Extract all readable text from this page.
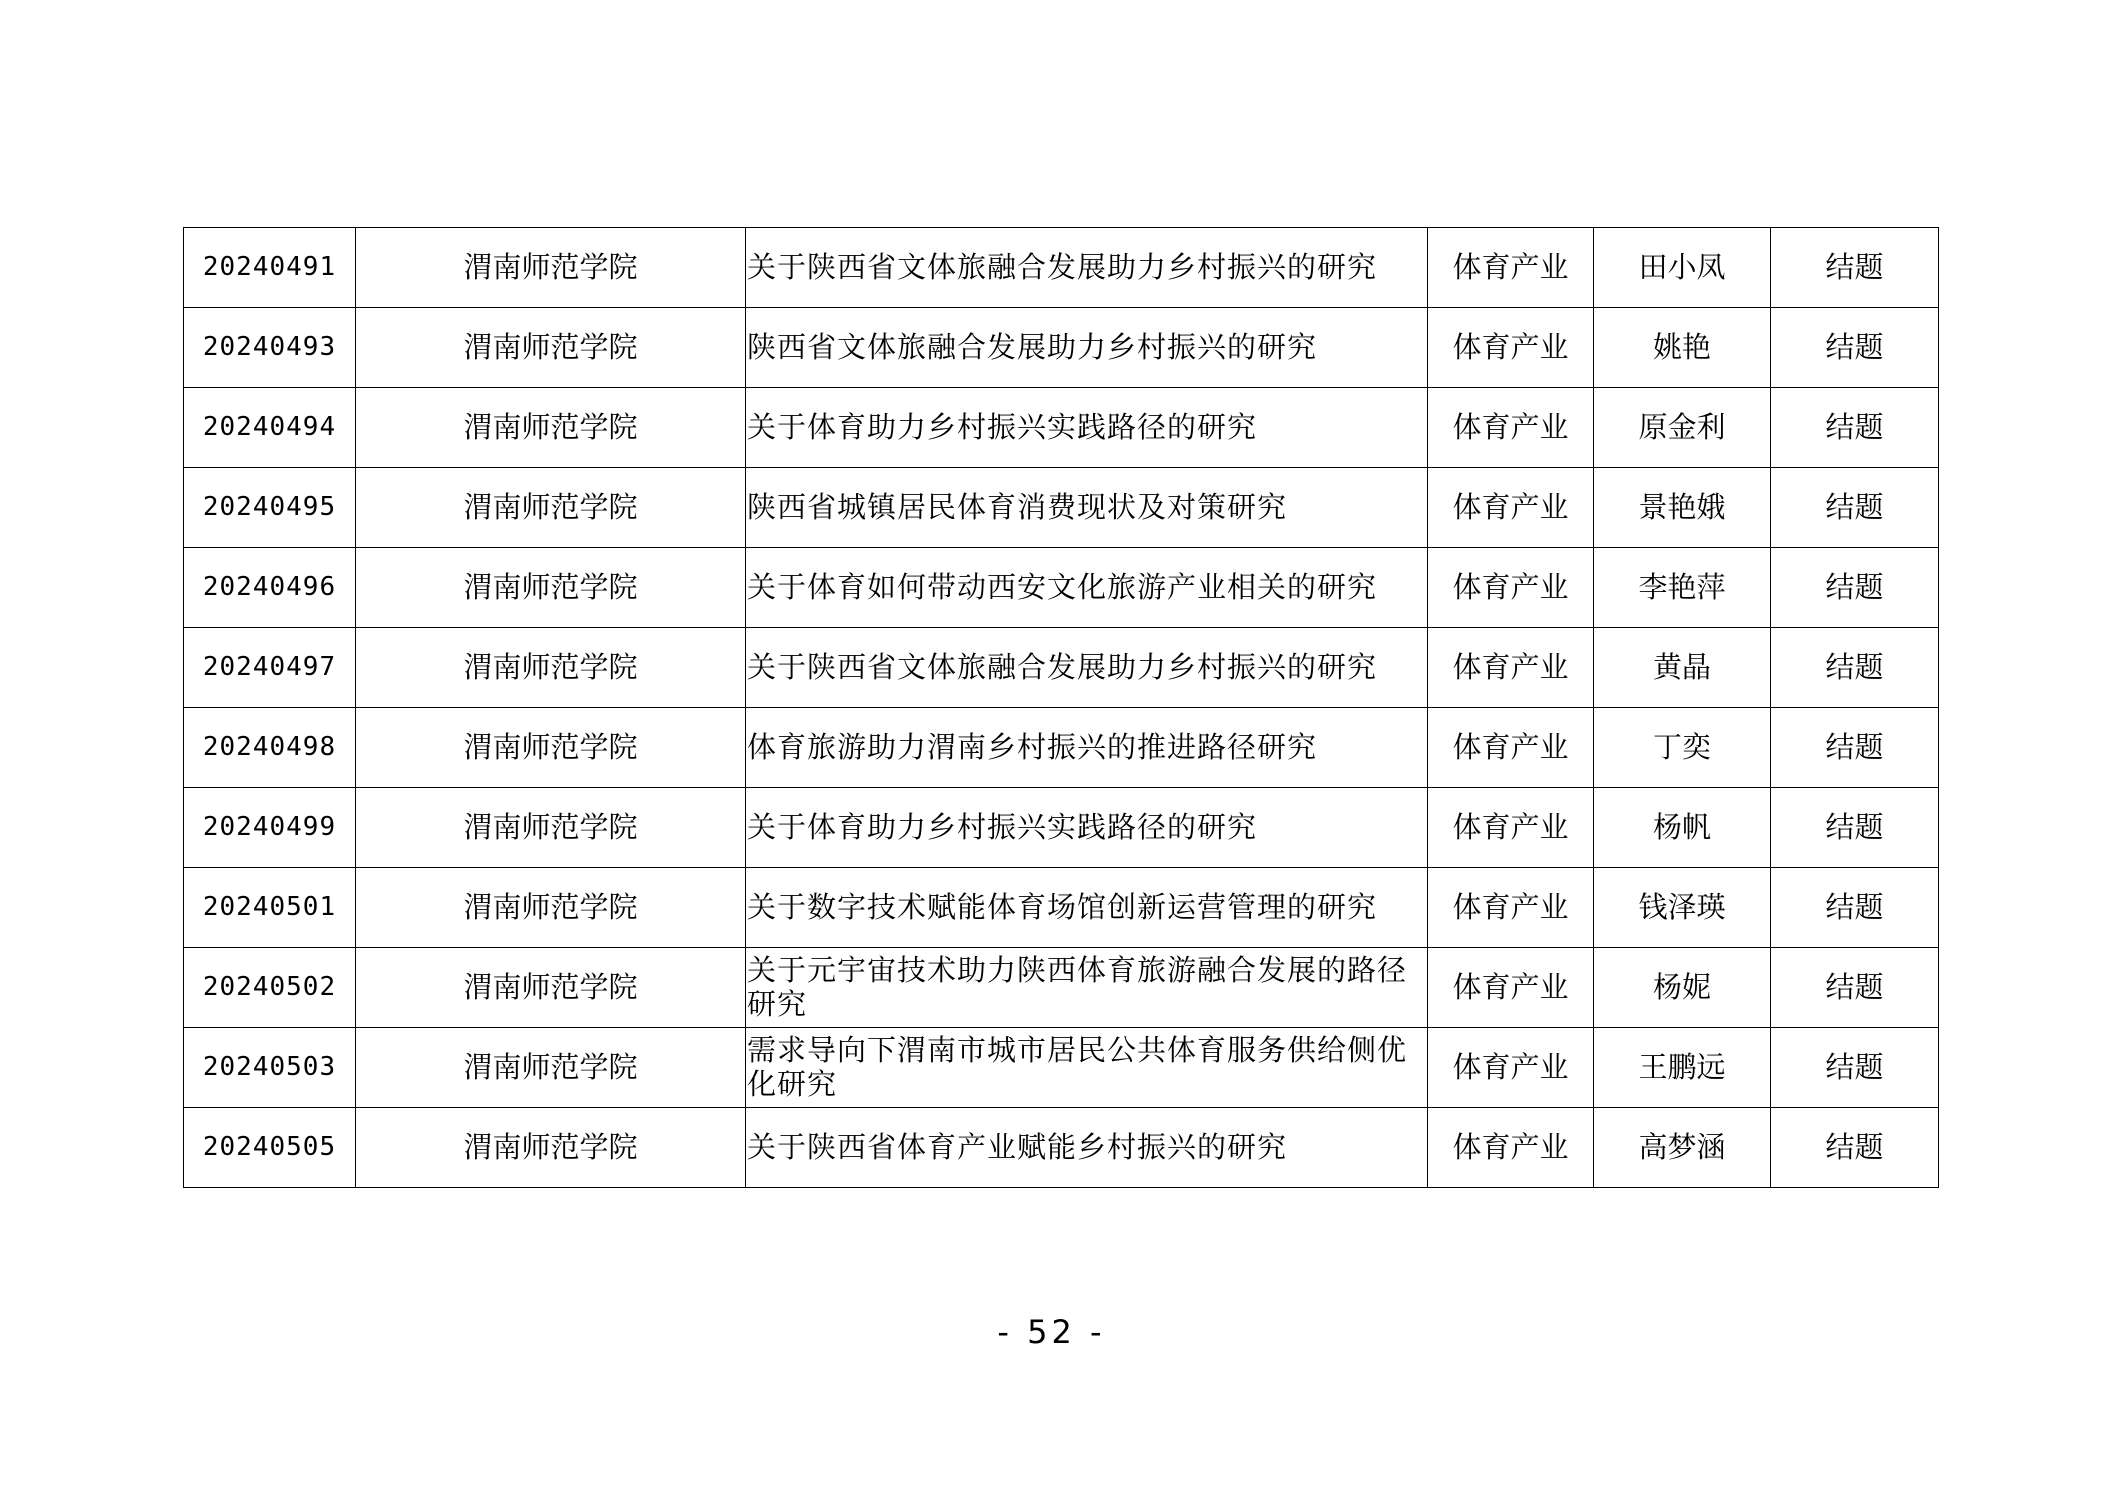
20240491	渭南师范学院	关于陕西省文体旅融合发展助力乡村振兴的研究	体育产业	田小凤	结题
20240493	渭南师范学院	陕西省文体旅融合发展助力乡村振兴的研究	体育产业	姚艳	结题
20240494	渭南师范学院	关于体育助力乡村振兴实践路径的研究	体育产业	原金利	结题
20240495	渭南师范学院	陕西省城镇居民体育消费现状及对策研究	体育产业	景艳娥	结题
20240496	渭南师范学院	关于体育如何带动西安文化旅游产业相关的研究	体育产业	李艳萍	结题
20240497	渭南师范学院	关于陕西省文体旅融合发展助力乡村振兴的研究	体育产业	黄晶	结题
20240498	渭南师范学院	体育旅游助力渭南乡村振兴的推进路径研究	体育产业	丁奕	结题
20240499	渭南师范学院	关于体育助力乡村振兴实践路径的研究	体育产业	杨帆	结题
20240501	渭南师范学院	关于数字技术赋能体育场馆创新运营管理的研究	体育产业	钱泽瑛	结题
20240502	渭南师范学院	关于元宇宙技术助力陕西体育旅游融合发展的路径研究	体育产业	杨妮	结题
20240503	渭南师范学院	需求导向下渭南市城市居民公共体育服务供给侧优化研究	体育产业	王鹏远	结题
20240505	渭南师范学院	关于陕西省体育产业赋能乡村振兴的研究	体育产业	高梦涵	结题
- 52 -
